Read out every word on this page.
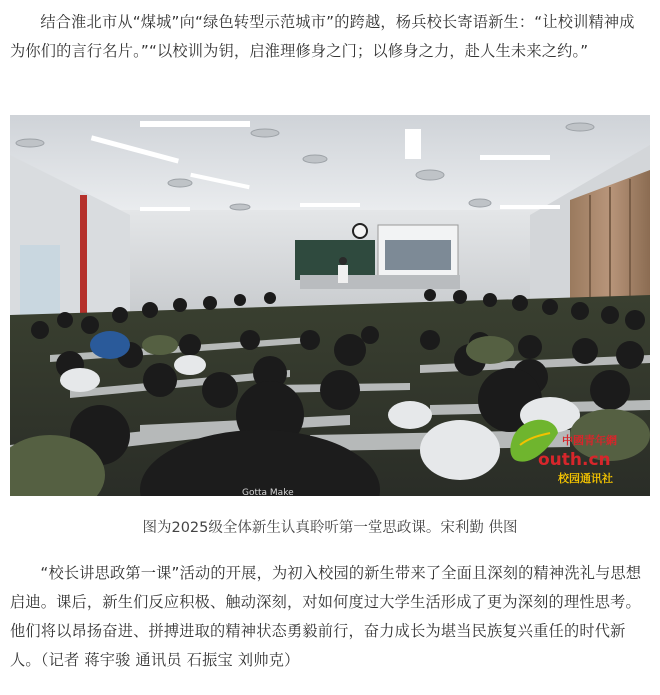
结合淮北市从“煤城”向“绿色转型示范城市”的跨越，杨兵校长寄语新生：“让校训精神成为你们的言行名片。”“以校训为钥，启淮理修身之门；以修身之力，赴人生未来之约。”

Gotta Make
中國青年網
outh.cn
校园通讯社

图为2025级全体新生认真聆听第一堂思政课。宋利勤 供图

“校长讲思政第一课”活动的开展，为初入校园的新生带来了全面且深刻的精神洗礼与思想启迪。课后，新生们反应积极、触动深刻，对如何度过大学生活形成了更为深刻的理性思考。他们将以昂扬奋进、拼搏进取的精神状态勇毅前行，奋力成长为堪当民族复兴重任的时代新人。（记者 蒋宇骏 通讯员 石振宝 刘帅克）
